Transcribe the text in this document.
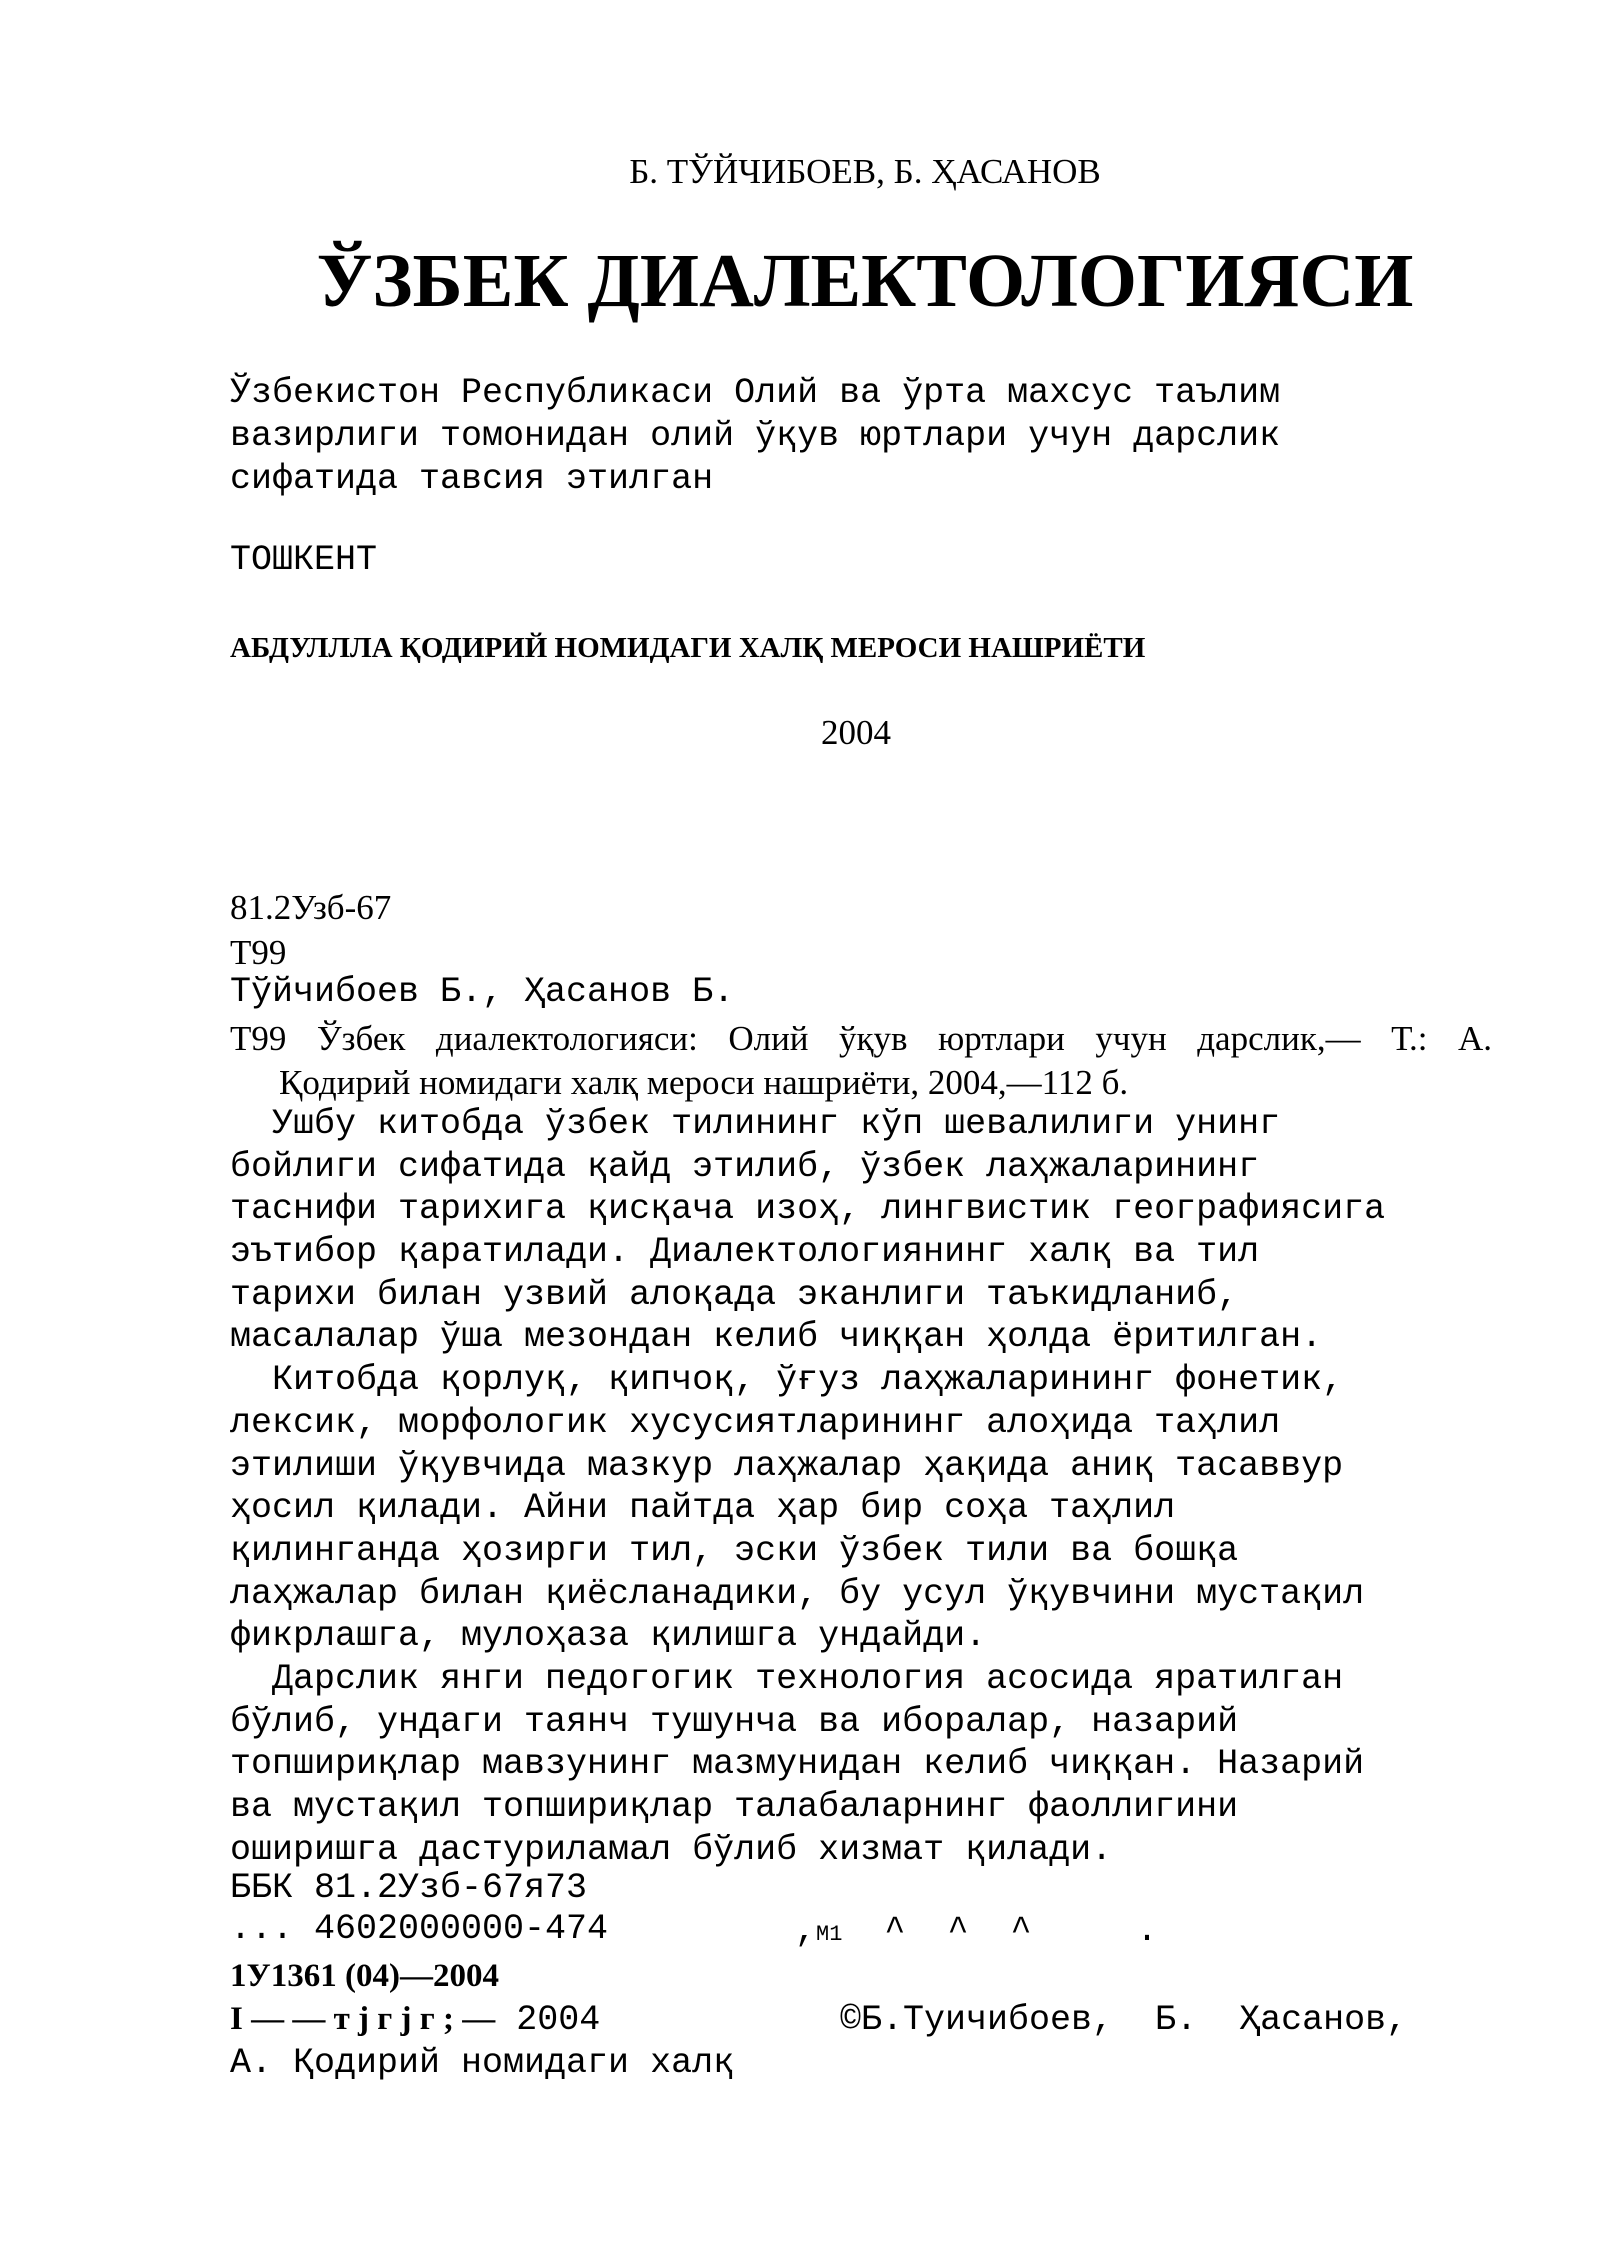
Б. ТЎЙЧИБОЕВ, Б. ҲАСАНОВ
ЎЗБЕК ДИАЛЕКТОЛОГИЯСИ
Ўзбекистон Республикаси Олий ва ўрта махсус таълим
вазирлиги томонидан олий ўқув юртлари учун дарслик
сифатида тавсия этилган
ТОШКЕНТ
АБДУЛЛЛА ҚОДИРИЙ НОМИДАГИ ХАЛҚ МЕРОСИ НАШРИЁТИ
2004
81.2Узб-67
Т99
Тўйчибоев Б., Ҳасанов Б.
Т99 Ўзбек диалектологияси: Олий ўқув юртлари учун дарслик,— Т.: А.
Қодирий номидаги халқ мероси нашриёти, 2004,—112 б.
Ушбу китобда ўзбек тилининг кўп шевалилиги унинг
бойлиги сифатида қайд этилиб, ўзбек лаҳжаларининг
таснифи тарихига қисқача изоҳ, лингвистик географиясига
эътибор қаратилади. Диалектологиянинг халқ ва тил
тарихи билан узвий алоқада эканлиги таъкидланиб,
масалалар ўша мезондан келиб чиққан ҳолда ёритилган.
Китобда қорлуқ, қипчоқ, ўғуз лаҳжаларининг фонетик,
лексик, морфологик хусусиятларининг алоҳида таҳлил
этилиши ўқувчида мазкур лаҳжалар ҳақида аниқ тасаввур
ҳосил қилади. Айни пайтда ҳар бир соҳа таҳлил
қилинганда ҳозирги тил, эски ўзбек тили ва бошқа
лаҳжалар билан қиёсланадики, бу усул ўқувчини мустақил
фикрлашга, мулоҳаза қилишга ундайди.
Дарслик янги педогогик технология асосида яратилган
бўлиб, ундаги таянч тушунча ва иборалар, назарий
топшириқлар мавзунинг мазмунидан келиб чиққан. Назарий
ва мустақил топшириқлар талабаларнинг фаоллигини
оширишга дастуриламал бўлиб хизмат қилади.
ББК 81.2Узб-67я73
... 4602000000-474	,M1  ^  ^  ^     .
1У1361 (04)—2004
I — — т ј г ј г ; — 2004	©Б.Туичибоев,  Б.  Ҳасанов,
А. Қодирий номидаги халқ
